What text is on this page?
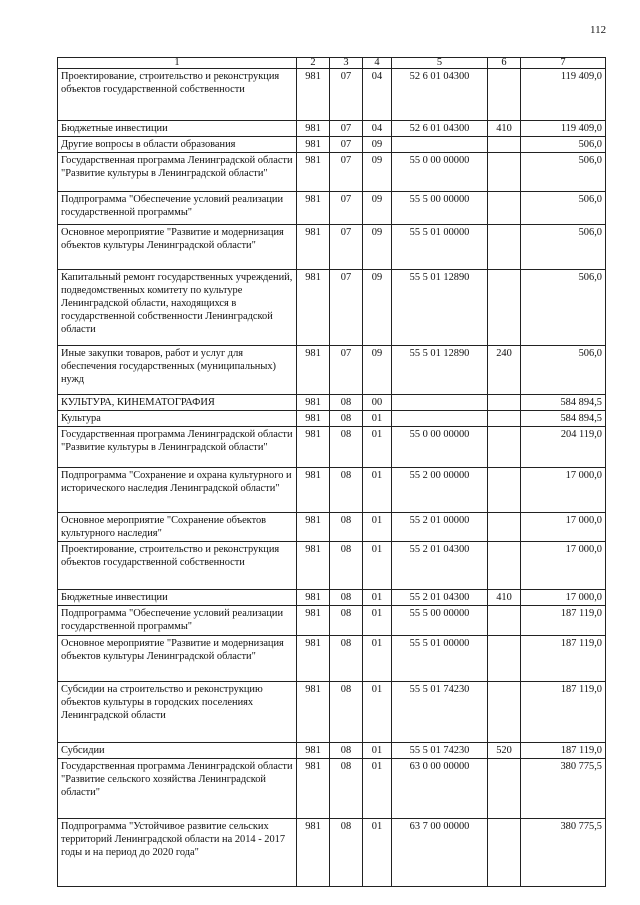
112
1	2	3	4	5	6	7
Проектирование, строительство и реконструкция объектов государственной собственности	981	07	04	52 6 01 04300		119 409,0
Бюджетные инвестиции	981	07	04	52 6 01 04300	410	119 409,0
Другие вопросы в области образования	981	07	09			506,0
Государственная программа Ленинградской области "Развитие культуры в Ленинградской области"	981	07	09	55 0 00 00000		506,0
Подпрограмма "Обеспечение условий реализации государственной программы"	981	07	09	55 5 00 00000		506,0
Основное мероприятие "Развитие и модернизация объектов культуры Ленинградской области"	981	07	09	55 5 01 00000		506,0
Капитальный ремонт государственных учреждений, подведомственных комитету по культуре Ленинградской области, находящихся в государственной собственности Ленинградской области	981	07	09	55 5 01 12890		506,0
Иные закупки товаров, работ и услуг для обеспечения государственных (муниципальных) нужд	981	07	09	55 5 01 12890	240	506,0
КУЛЬТУРА, КИНЕМАТОГРАФИЯ	981	08	00			584 894,5
Культура	981	08	01			584 894,5
Государственная программа Ленинградской области "Развитие культуры в Ленинградской области"	981	08	01	55 0 00 00000		204 119,0
Подпрограмма "Сохранение и охрана культурного и исторического наследия Ленинградской области"	981	08	01	55 2 00 00000		17 000,0
Основное мероприятие "Сохранение объектов культурного наследия"	981	08	01	55 2 01 00000		17 000,0
Проектирование, строительство и реконструкция объектов государственной собственности	981	08	01	55 2 01 04300		17 000,0
Бюджетные инвестиции	981	08	01	55 2 01 04300	410	17 000,0
Подпрограмма "Обеспечение условий реализации государственной программы"	981	08	01	55 5 00 00000		187 119,0
Основное мероприятие "Развитие и модернизация объектов культуры Ленинградской области"	981	08	01	55 5 01 00000		187 119,0
Субсидии на строительство и реконструкцию объектов культуры в городских поселениях Ленинградской области	981	08	01	55 5 01 74230		187 119,0
Субсидии	981	08	01	55 5 01 74230	520	187 119,0
Государственная программа Ленинградской области "Развитие сельского хозяйства Ленинградской области"	981	08	01	63 0 00 00000		380 775,5
Подпрограмма "Устойчивое развитие сельских территорий Ленинградской области на 2014 - 2017 годы и на период до 2020 года"	981	08	01	63 7 00 00000		380 775,5
